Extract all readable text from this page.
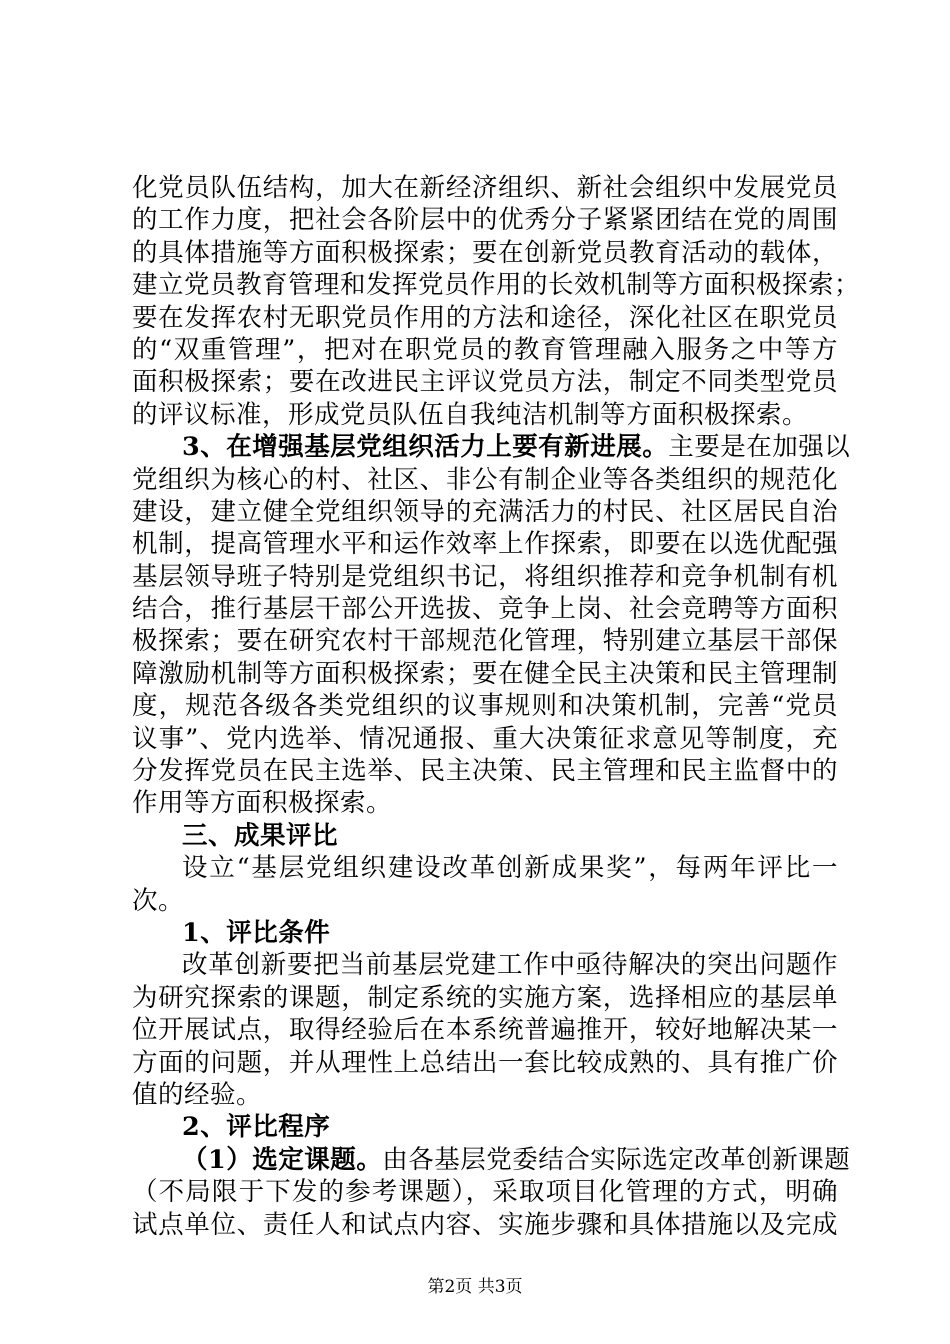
化党员队伍结构，加大在新经济组织、新社会组织中发展党员
的工作力度，把社会各阶层中的优秀分子紧紧团结在党的周围
的具体措施等方面积极探索；要在创新党员教育活动的载体，
建立党员教育管理和发挥党员作用的长效机制等方面积极探索；
要在发挥农村无职党员作用的方法和途径，深化社区在职党员
的“双重管理”，把对在职党员的教育管理融入服务之中等方
面积极探索；要在改进民主评议党员方法，制定不同类型党员
的评议标准，形成党员队伍自我纯洁机制等方面积极探索。
3、在增强基层党组织活力上要有新进展。主要是在加强以
党组织为核心的村、社区、非公有制企业等各类组织的规范化
建设，建立健全党组织领导的充满活力的村民、社区居民自治
机制，提高管理水平和运作效率上作探索，即要在以选优配强
基层领导班子特别是党组织书记，将组织推荐和竞争机制有机
结合，推行基层干部公开选拔、竞争上岗、社会竞聘等方面积
极探索；要在研究农村干部规范化管理，特别建立基层干部保
障激励机制等方面积极探索；要在健全民主决策和民主管理制
度，规范各级各类党组织的议事规则和决策机制，完善“党员
议事”、党内选举、情况通报、重大决策征求意见等制度，充
分发挥党员在民主选举、民主决策、民主管理和民主监督中的
作用等方面积极探索。
三、成果评比
设立“基层党组织建设改革创新成果奖”，每两年评比一
次。
1、评比条件
改革创新要把当前基层党建工作中亟待解决的突出问题作
为研究探索的课题，制定系统的实施方案，选择相应的基层单
位开展试点，取得经验后在本系统普遍推开，较好地解决某一
方面的问题，并从理性上总结出一套比较成熟的、具有推广价
值的经验。
2、评比程序
（1）选定课题。由各基层党委结合实际选定改革创新课题
（不局限于下发的参考课题），采取项目化管理的方式，明确
试点单位、责任人和试点内容、实施步骤和具体措施以及完成
第2页 共3页
